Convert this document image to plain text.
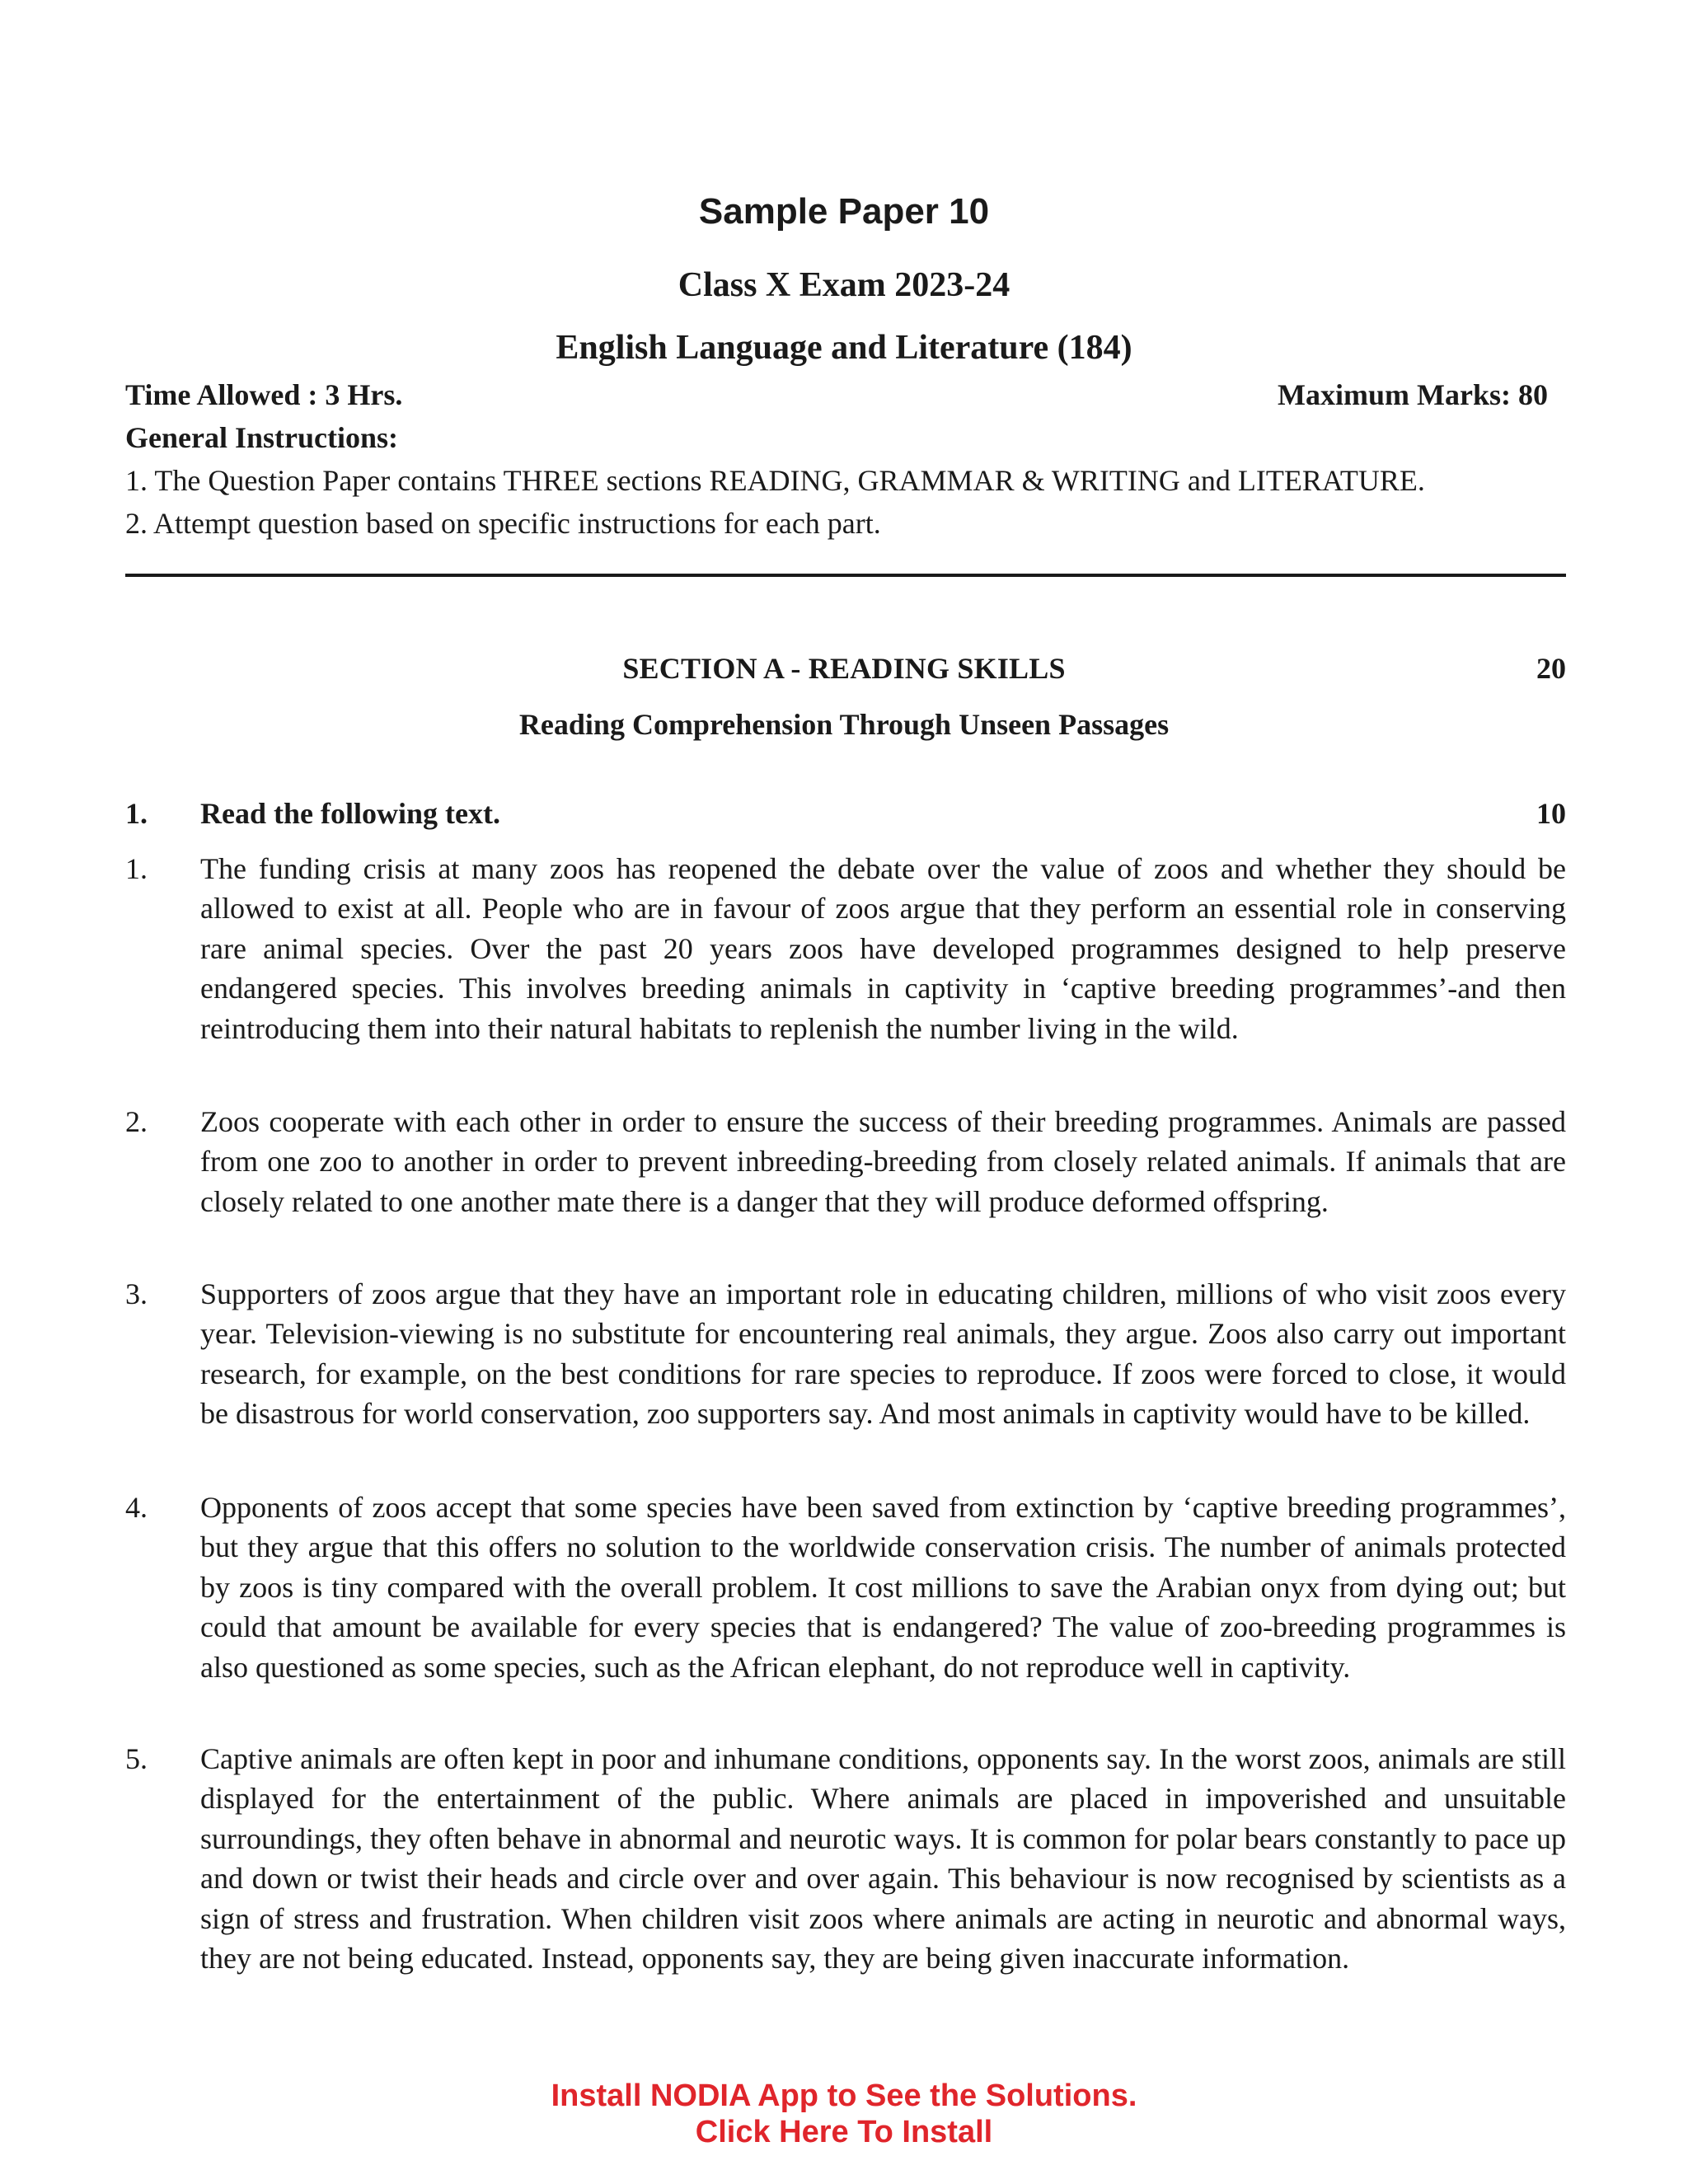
Sample Paper 10
Class X Exam 2023-24
English Language and Literature (184)
Time Allowed : 3 Hrs.	Maximum Marks: 80
General Instructions:
1. The Question Paper contains THREE sections READING, GRAMMAR & WRITING and LITERATURE.
2. Attempt question based on specific instructions for each part.
SECTION A - READING SKILLS	20
Reading Comprehension Through Unseen Passages
1. Read the following text.	10
1. The funding crisis at many zoos has reopened the debate over the value of zoos and whether they should be allowed to exist at all. People who are in favour of zoos argue that they perform an essential role in conserving rare animal species. Over the past 20 years zoos have developed programmes designed to help preserve endangered species. This involves breeding animals in captivity in ‘captive breeding programmes’-and then reintroducing them into their natural habitats to replenish the number living in the wild.
2. Zoos cooperate with each other in order to ensure the success of their breeding programmes. Animals are passed from one zoo to another in order to prevent inbreeding-breeding from closely related animals. If animals that are closely related to one another mate there is a danger that they will produce deformed offspring.
3. Supporters of zoos argue that they have an important role in educating children, millions of who visit zoos every year. Television-viewing is no substitute for encountering real animals, they argue. Zoos also carry out important research, for example, on the best conditions for rare species to reproduce. If zoos were forced to close, it would be disastrous for world conservation, zoo supporters say. And most animals in captivity would have to be killed.
4. Opponents of zoos accept that some species have been saved from extinction by ‘captive breeding programmes’, but they argue that this offers no solution to the worldwide conservation crisis. The number of animals protected by zoos is tiny compared with the overall problem. It cost millions to save the Arabian onyx from dying out; but could that amount be available for every species that is endangered? The value of zoo-breeding programmes is also questioned as some species, such as the African elephant, do not reproduce well in captivity.
5. Captive animals are often kept in poor and inhumane conditions, opponents say. In the worst zoos, animals are still displayed for the entertainment of the public. Where animals are placed in impoverished and unsuitable surroundings, they often behave in abnormal and neurotic ways. It is common for polar bears constantly to pace up and down or twist their heads and circle over and over again. This behaviour is now recognised by scientists as a sign of stress and frustration. When children visit zoos where animals are acting in neurotic and abnormal ways, they are not being educated. Instead, opponents say, they are being given inaccurate information.
Install NODIA App to See the Solutions.
Click Here To Install
